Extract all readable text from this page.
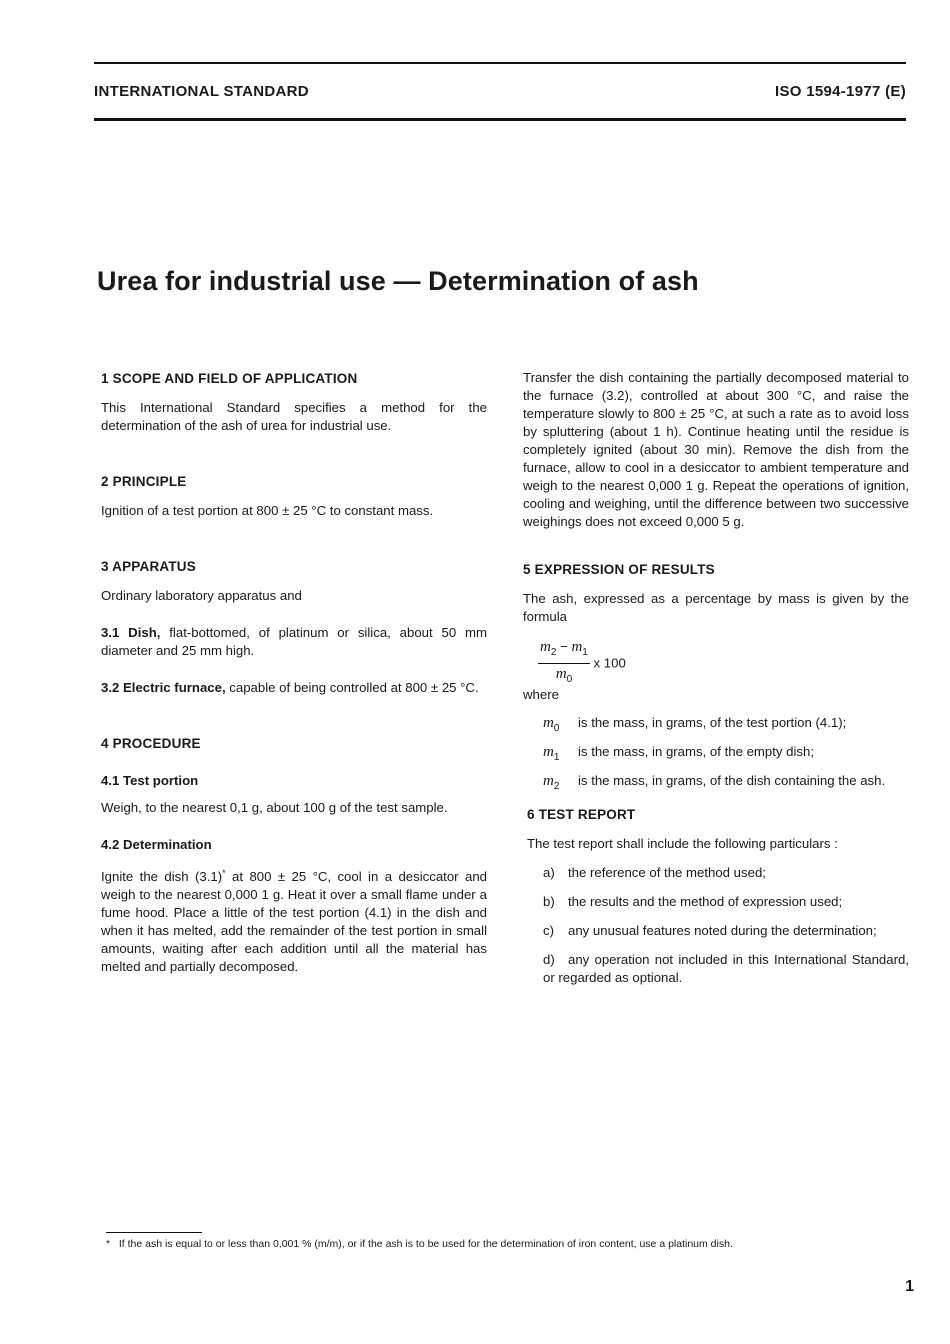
INTERNATIONAL STANDARD	ISO 1594-1977 (E)
Urea for industrial use — Determination of ash
1 SCOPE AND FIELD OF APPLICATION

This International Standard specifies a method for the determination of the ash of urea for industrial use.

2 PRINCIPLE

Ignition of a test portion at 800 ± 25 °C to constant mass.

3 APPARATUS

Ordinary laboratory apparatus and

3.1 Dish, flat-bottomed, of platinum or silica, about 50 mm diameter and 25 mm high.

3.2 Electric furnace, capable of being controlled at 800 ± 25 °C.

4 PROCEDURE
4.1 Test portion

Weigh, to the nearest 0,1 g, about 100 g of the test sample.

4.2 Determination

Ignite the dish (3.1)* at 800 ± 25 °C, cool in a desiccator and weigh to the nearest 0,000 1 g. Heat it over a small flame under a fume hood. Place a little of the test portion (4.1) in the dish and when it has melted, add the remainder of the test portion in small amounts, waiting after each addition until all the material has melted and partially decomposed.

Transfer the dish containing the partially decomposed material to the furnace (3.2), controlled at about 300 °C, and raise the temperature slowly to 800 ± 25 °C, at such a rate as to avoid loss by spluttering (about 1 h). Continue heating until the residue is completely ignited (about 30 min). Remove the dish from the furnace, allow to cool in a desiccator to ambient temperature and weigh to the nearest 0,000 1 g. Repeat the operations of ignition, cooling and weighing, until the difference between two successive weighings does not exceed 0,000 5 g.

5 EXPRESSION OF RESULTS

The ash, expressed as a percentage by mass is given by the formula

$\frac{m_2 - m_1}{m_0}$ x 100

where

$m_0$ is the mass, in grams, of the test portion (4.1);
$m_1$ is the mass, in grams, of the empty dish;
$m_2$ is the mass, in grams, of the dish containing the ash.
6 TEST REPORT

The test report shall include the following particulars :

a) the reference of the method used;
b) the results and the method of expression used;
c) any unusual features noted during the determination;
d)	any operation not included in this International Standard, or regarded as optional.
* If the ash is equal to or less than 0,001 % (m/m), or if the ash is to be used for the determination of iron content, use a platinum dish.
1
